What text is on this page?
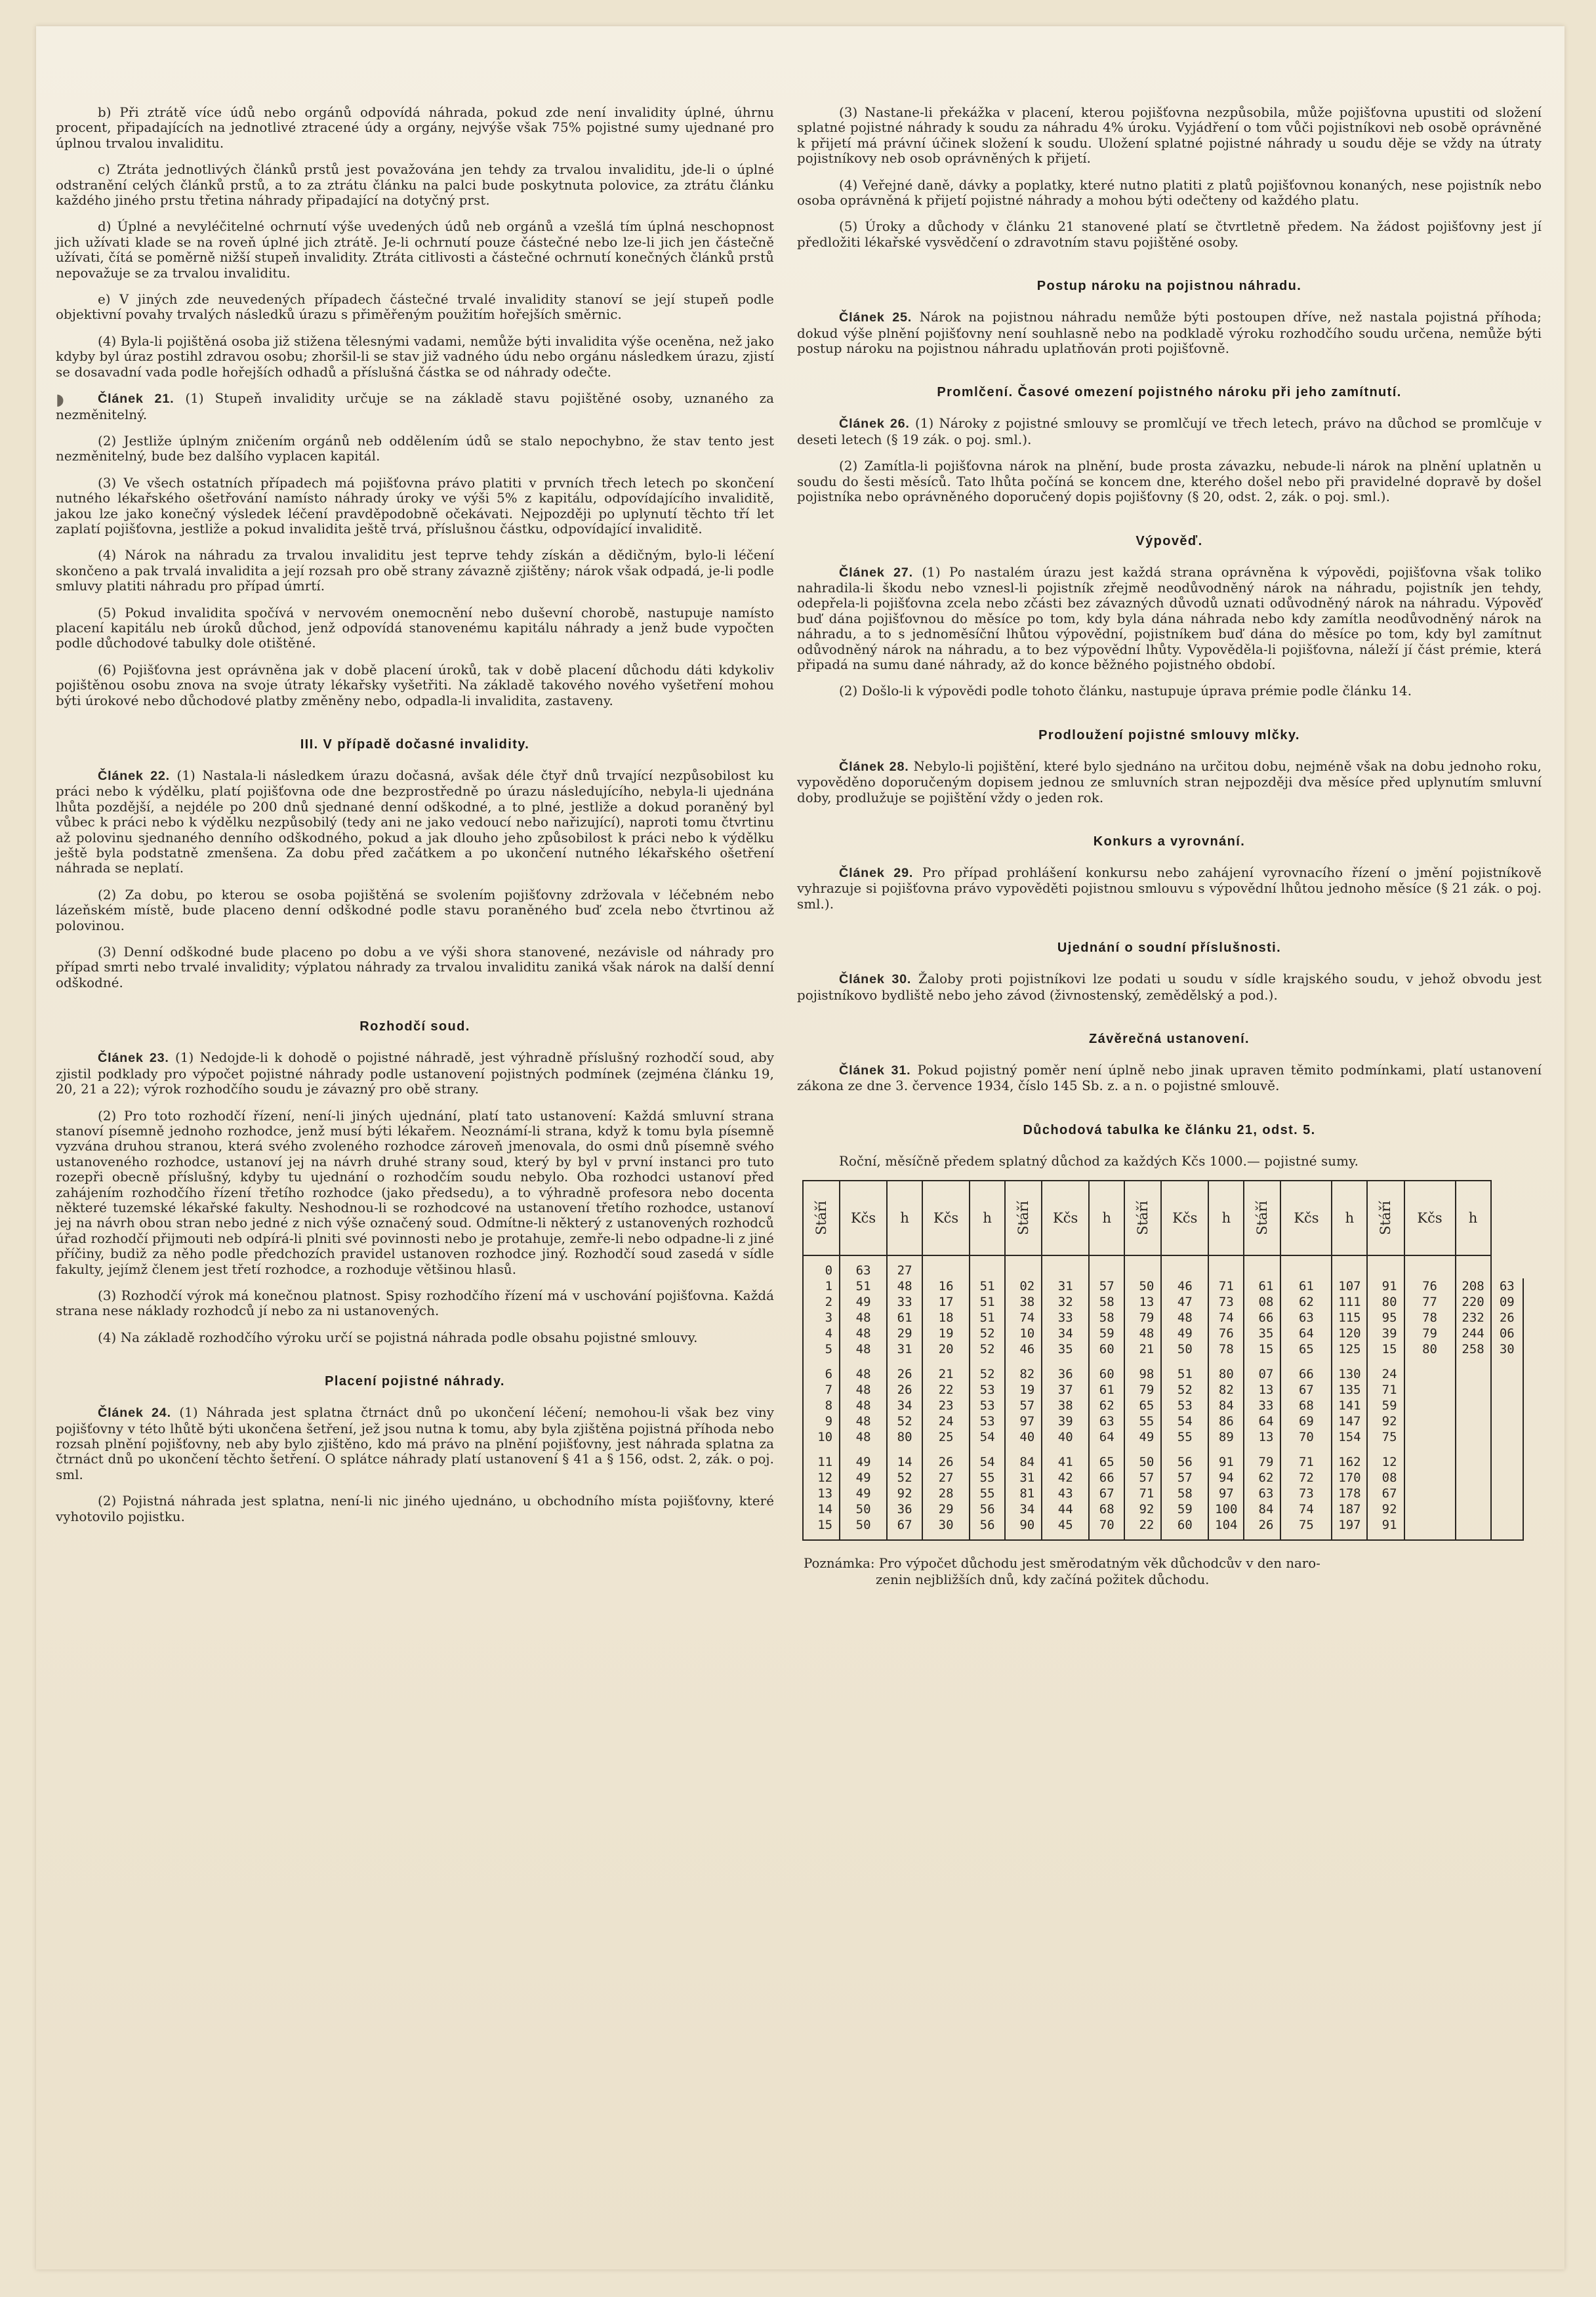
◗

b) Při ztrátě více údů nebo orgánů odpovídá náhrada, pokud zde není invalidity úplné, úhrnu procent, připadajících na jednotlivé ztracené údy a orgány, nejvýše však 75% pojistné sumy ujednané pro úplnou trvalou invaliditu.

c) Ztráta jednotlivých článků prstů jest považována jen tehdy za trvalou invaliditu, jde-li o úplné odstranění celých článků prstů, a to za ztrátu článku na palci bude poskytnuta polovice, za ztrátu článku každého jiného prstu třetina náhrady připadající na dotyčný prst.

d) Úplné a nevyléčitelné ochrnutí výše uvedených údů neb orgánů a vzešlá tím úplná neschopnost jich užívati klade se na roveň úplné jich ztrátě. Je-li ochrnutí pouze částečné nebo lze-li jich jen částečně užívati, čítá se poměrně nižší stupeň invalidity. Ztráta citlivosti a částečné ochrnutí konečných článků prstů nepovažuje se za trvalou invaliditu.

e) V jiných zde neuvedených případech částečné trvalé invalidity stanoví se její stupeň podle objektivní povahy trvalých následků úrazu s přiměřeným použitím hořejších směrnic.

(4) Byla-li pojištěná osoba již stižena tělesnými vadami, nemůže býti invalidita výše oceněna, než jako kdyby byl úraz postihl zdravou osobu; zhoršil-li se stav již vadného údu nebo orgánu následkem úrazu, zjistí se dosavadní vada podle hořejších odhadů a příslušná částka se od náhrady odečte.

Článek 21. (1) Stupeň invalidity určuje se na základě stavu pojištěné osoby, uznaného za nezměnitelný.

(2) Jestliže úplným zničením orgánů neb oddělením údů se stalo nepochybno, že stav tento jest nezměnitelný, bude bez dalšího vyplacen kapitál.

(3) Ve všech ostatních případech má pojišťovna právo platiti v prvních třech letech po skončení nutného lékařského ošetřování namísto náhrady úroky ve výši 5% z kapitálu, odpovídajícího invaliditě, jakou lze jako konečný výsledek léčení pravděpodobně očekávati. Nejpozději po uplynutí těchto tří let zaplatí pojišťovna, jestliže a pokud invalidita ještě trvá, příslušnou částku, odpovídající invaliditě.

(4) Nárok na náhradu za trvalou invaliditu jest teprve tehdy získán a dědičným, bylo-li léčení skončeno a pak trvalá invalidita a její rozsah pro obě strany závazně zjištěny; nárok však odpadá, je-li podle smluvy platiti náhradu pro případ úmrtí.

(5) Pokud invalidita spočívá v nervovém onemocnění nebo duševní chorobě, nastupuje namísto placení kapitálu neb úroků důchod, jenž odpovídá stanovenému kapitálu náhrady a jenž bude vypočten podle důchodové tabulky dole otištěné.

(6) Pojišťovna jest oprávněna jak v době placení úroků, tak v době placení důchodu dáti kdykoliv pojištěnou osobu znova na svoje útraty lékařsky vyšetřiti. Na základě takového nového vyšetření mohou býti úrokové nebo důchodové platby změněny nebo, odpadla-li invalidita, zastaveny.

III. V případě dočasné invalidity.

Článek 22. (1) Nastala-li následkem úrazu dočasná, avšak déle čtyř dnů trvající nezpůsobilost ku práci nebo k výdělku, platí pojišťovna ode dne bezprostředně po úrazu následujícího, nebyla-li ujednána lhůta pozdější, a nejdéle po 200 dnů sjednané denní odškodné, a to plné, jestliže a dokud poraněný byl vůbec k práci nebo k výdělku nezpůsobilý (tedy ani ne jako vedoucí nebo nařizující), naproti tomu čtvrtinu až polovinu sjednaného denního odškodného, pokud a jak dlouho jeho způsobilost k práci nebo k výdělku ještě byla podstatně zmenšena. Za dobu před začátkem a po ukončení nutného lékařského ošetření náhrada se neplatí.

(2) Za dobu, po kterou se osoba pojištěná se svolením pojišťovny zdržovala v léčebném nebo lázeňském místě, bude placeno denní odškodné podle stavu poraněného buď zcela nebo čtvrtinou až polovinou.

(3) Denní odškodné bude placeno po dobu a ve výši shora stanovené, nezávisle od náhrady pro případ smrti nebo trvalé invalidity; výplatou náhrady za trvalou invaliditu zaniká však nárok na další denní odškodné.

Rozhodčí soud.

Článek 23. (1) Nedojde-li k dohodě o pojistné náhradě, jest výhradně příslušný rozhodčí soud, aby zjistil podklady pro výpočet pojistné náhrady podle ustanovení pojistných podmínek (zejména článku 19, 20, 21 a 22); výrok rozhodčího soudu je závazný pro obě strany.

(2) Pro toto rozhodčí řízení, není-li jiných ujednání, platí tato ustanovení: Každá smluvní strana stanoví písemně jednoho rozhodce, jenž musí býti lékařem. Neoznámí-li strana, když k tomu byla písemně vyzvána druhou stranou, která svého zvoleného rozhodce zároveň jmenovala, do osmi dnů písemně svého ustanoveného rozhodce, ustanoví jej na návrh druhé strany soud, který by byl v první instanci pro tuto rozepři obecně příslušný, kdyby tu ujednání o rozhodčím soudu nebylo. Oba rozhodci ustanoví před zahájením rozhodčího řízení třetího rozhodce (jako předsedu), a to výhradně profesora nebo docenta některé tuzemské lékařské fakulty. Neshodnou-li se rozhodcové na ustanovení třetího rozhodce, ustanoví jej na návrh obou stran nebo jedné z nich výše označený soud. Odmítne-li některý z ustanovených rozhodců úřad rozhodčí přijmouti neb odpírá-li plniti své povinnosti nebo je protahuje, zemře-li nebo odpadne-li z jiné příčiny, budiž za něho podle předchozích pravidel ustanoven rozhodce jiný. Rozhodčí soud zasedá v sídle fakulty, jejímž členem jest třetí rozhodce, a rozhoduje většinou hlasů.

(3) Rozhodčí výrok má konečnou platnost. Spisy rozhodčího řízení má v uschování pojišťovna. Každá strana nese náklady rozhodců jí nebo za ni ustanovených.

(4) Na základě rozhodčího výroku určí se pojistná náhrada podle obsahu pojistné smlouvy.

Placení pojistné náhrady.

Článek 24. (1) Náhrada jest splatna čtrnáct dnů po ukončení léčení; nemohou-li však bez viny pojišťovny v této lhůtě býti ukončena šetření, jež jsou nutna k tomu, aby byla zjištěna pojistná příhoda nebo rozsah plnění pojišťovny, neb aby bylo zjištěno, kdo má právo na plnění pojišťovny, jest náhrada splatna za čtrnáct dnů po ukončení těchto šetření. O splátce náhrady platí ustanovení § 41 a § 156, odst. 2, zák. o poj. sml.

(2) Pojistná náhrada jest splatna, není-li nic jiného ujednáno, u obchodního místa pojišťovny, které vyhotovilo pojistku.

(3) Nastane-li překážka v placení, kterou pojišťovna nezpůsobila, může pojišťovna upustiti od složení splatné pojistné náhrady k soudu za náhradu 4% úroku. Vyjádření o tom vůči pojistníkovi neb osobě oprávněné k přijetí má právní účinek složení k soudu. Uložení splatné pojistné náhrady u soudu děje se vždy na útraty pojistníkovy neb osob oprávněných k přijetí.

(4) Veřejné daně, dávky a poplatky, které nutno platiti z platů pojišťovnou konaných, nese pojistník nebo osoba oprávněná k přijetí pojistné náhrady a mohou býti odečteny od každého platu.

(5) Úroky a důchody v článku 21 stanovené platí se čtvrtletně předem. Na žádost pojišťovny jest jí předložiti lékařské vysvědčení o zdravotním stavu pojištěné osoby.

Postup nároku na pojistnou náhradu.

Článek 25. Nárok na pojistnou náhradu nemůže býti postoupen dříve, než nastala pojistná příhoda; dokud výše plnění pojišťovny není souhlasně nebo na podkladě výroku rozhodčího soudu určena, nemůže býti postup nároku na pojistnou náhradu uplatňován proti pojišťovně.

Promlčení. Časové omezení pojistného nároku při jeho zamítnutí.

Článek 26. (1) Nároky z pojistné smlouvy se promlčují ve třech letech, právo na důchod se promlčuje v deseti letech (§ 19 zák. o poj. sml.).

(2) Zamítla-li pojišťovna nárok na plnění, bude prosta závazku, nebude-li nárok na plnění uplatněn u soudu do šesti měsíců. Tato lhůta počíná se koncem dne, kterého došel nebo při pravidelné dopravě by došel pojistníka nebo oprávněného doporučený dopis pojišťovny (§ 20, odst. 2, zák. o poj. sml.).

Výpověď.

Článek 27. (1) Po nastalém úrazu jest každá strana oprávněna k výpovědi, pojišťovna však toliko nahradila-li škodu nebo vznesl-li pojistník zřejmě neodůvodněný nárok na náhradu, pojistník jen tehdy, odepřela-li pojišťovna zcela nebo zčásti bez závazných důvodů uznati odůvodněný nárok na náhradu. Výpověď buď dána pojišťovnou do měsíce po tom, kdy byla dána náhrada nebo kdy zamítla neodůvodněný nárok na náhradu, a to s jednoměsíční lhůtou výpovědní, pojistníkem buď dána do měsíce po tom, kdy byl zamítnut odůvodněný nárok na náhradu, a to bez výpovědní lhůty. Vypověděla-li pojišťovna, náleží jí část prémie, která připadá na sumu dané náhrady, až do konce běžného pojistného období.

(2) Došlo-li k výpovědi podle tohoto článku, nastupuje úprava prémie podle článku 14.

Prodloužení pojistné smlouvy mlčky.

Článek 28. Nebylo-li pojištění, které bylo sjednáno na určitou dobu, nejméně však na dobu jednoho roku, vypověděno doporučeným dopisem jednou ze smluvních stran nejpozději dva měsíce před uplynutím smluvní doby, prodlužuje se pojištění vždy o jeden rok.

Konkurs a vyrovnání.

Článek 29. Pro případ prohlášení konkursu nebo zahájení vyrovnacího řízení o jmění pojistníkově vyhrazuje si pojišťovna právo vypověděti pojistnou smlouvu s výpovědní lhůtou jednoho měsíce (§ 21 zák. o poj. sml.).

Ujednání o soudní příslušnosti.

Článek 30. Žaloby proti pojistníkovi lze podati u soudu v sídle krajského soudu, v jehož obvodu jest pojistníkovo bydliště nebo jeho závod (živnostenský, zemědělský a pod.).

Závěrečná ustanovení.

Článek 31. Pokud pojistný poměr není úplně nebo jinak upraven těmito podmínkami, platí ustanovení zákona ze dne 3. července 1934, číslo 145 Sb. z. a n. o pojistné smlouvě.

Důchodová tabulka ke článku 21, odst. 5.

Roční, měsíčně předem splatný důchod za každých Kčs 1000.— pojistné sumy.

Stáří	Kčs	h	Kčs	h	Stáří	Kčs	h	Stáří	Kčs	h	Stáří	Kčs	h	Stáří	Kčs	h	
0	63	27															
1	51	48	16	51	02	31	57	50	46	71	61	61	107	91	76	208	63
2	49	33	17	51	38	32	58	13	47	73	08	62	111	80	77	220	09
3	48	61	18	51	74	33	58	79	48	74	66	63	115	95	78	232	26
4	48	29	19	52	10	34	59	48	49	76	35	64	120	39	79	244	06
5	48	31	20	52	46	35	60	21	50	78	15	65	125	15	80	258	30
6	48	26	21	52	82	36	60	98	51	80	07	66	130	24			
7	48	26	22	53	19	37	61	79	52	82	13	67	135	71			
8	48	34	23	53	57	38	62	65	53	84	33	68	141	59			
9	48	52	24	53	97	39	63	55	54	86	64	69	147	92			
10	48	80	25	54	40	40	64	49	55	89	13	70	154	75			
11	49	14	26	54	84	41	65	50	56	91	79	71	162	12			
12	49	52	27	55	31	42	66	57	57	94	62	72	170	08			
13	49	92	28	55	81	43	67	71	58	97	63	73	178	67			
14	50	36	29	56	34	44	68	92	59	100	84	74	187	92			
15	50	67	30	56	90	45	70	22	60	104	26	75	197	91			
Poznámka: Pro výpočet důchodu jest směrodatným věk důchodcův v den naro-
zenin nejbližších dnů, kdy začíná požitek důchodu.
